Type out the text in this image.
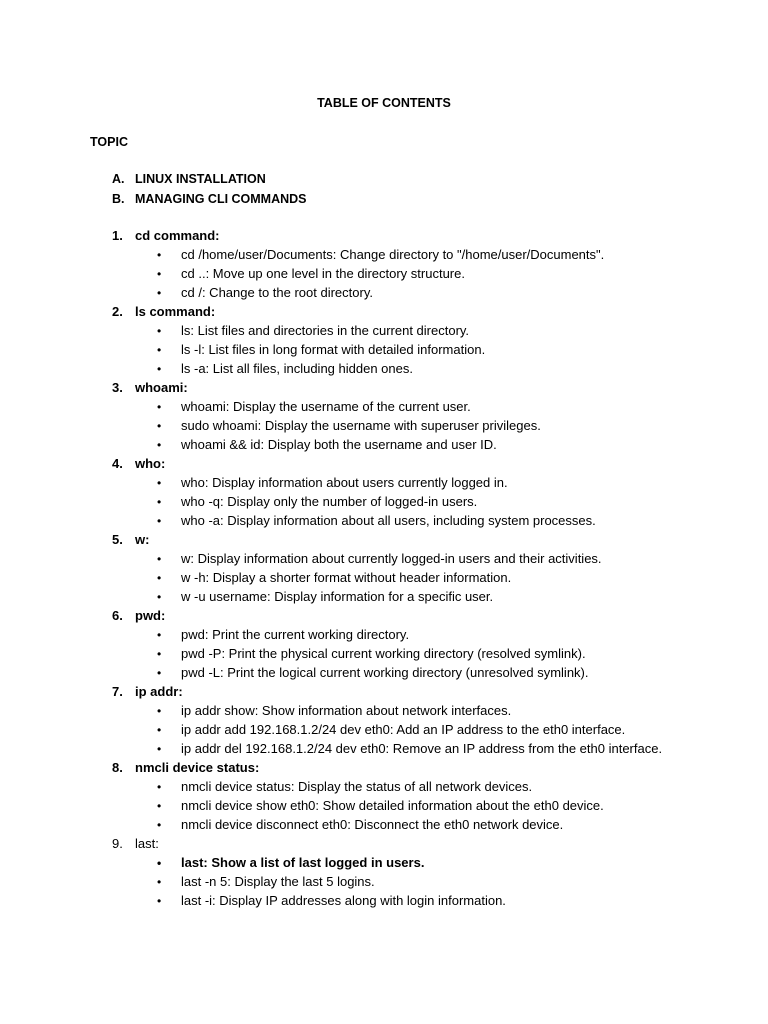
TABLE OF CONTENTS
TOPIC
A. LINUX INSTALLATION
B. MANAGING CLI COMMANDS
1. cd command:
• cd /home/user/Documents: Change directory to "/home/user/Documents".
• cd ..: Move up one level in the directory structure.
• cd /: Change to the root directory.
2. ls command:
• ls: List files and directories in the current directory.
• ls -l: List files in long format with detailed information.
• ls -a: List all files, including hidden ones.
3. whoami:
• whoami: Display the username of the current user.
• sudo whoami: Display the username with superuser privileges.
• whoami && id: Display both the username and user ID.
4. who:
• who: Display information about users currently logged in.
• who -q: Display only the number of logged-in users.
• who -a: Display information about all users, including system processes.
5. w:
• w: Display information about currently logged-in users and their activities.
• w -h: Display a shorter format without header information.
• w -u username: Display information for a specific user.
6. pwd:
• pwd: Print the current working directory.
• pwd -P: Print the physical current working directory (resolved symlink).
• pwd -L: Print the logical current working directory (unresolved symlink).
7. ip addr:
• ip addr show: Show information about network interfaces.
• ip addr add 192.168.1.2/24 dev eth0: Add an IP address to the eth0 interface.
• ip addr del 192.168.1.2/24 dev eth0: Remove an IP address from the eth0 interface.
8. nmcli device status:
• nmcli device status: Display the status of all network devices.
• nmcli device show eth0: Show detailed information about the eth0 device.
• nmcli device disconnect eth0: Disconnect the eth0 network device.
9. last:
• last: Show a list of last logged in users.
• last -n 5: Display the last 5 logins.
• last -i: Display IP addresses along with login information.
